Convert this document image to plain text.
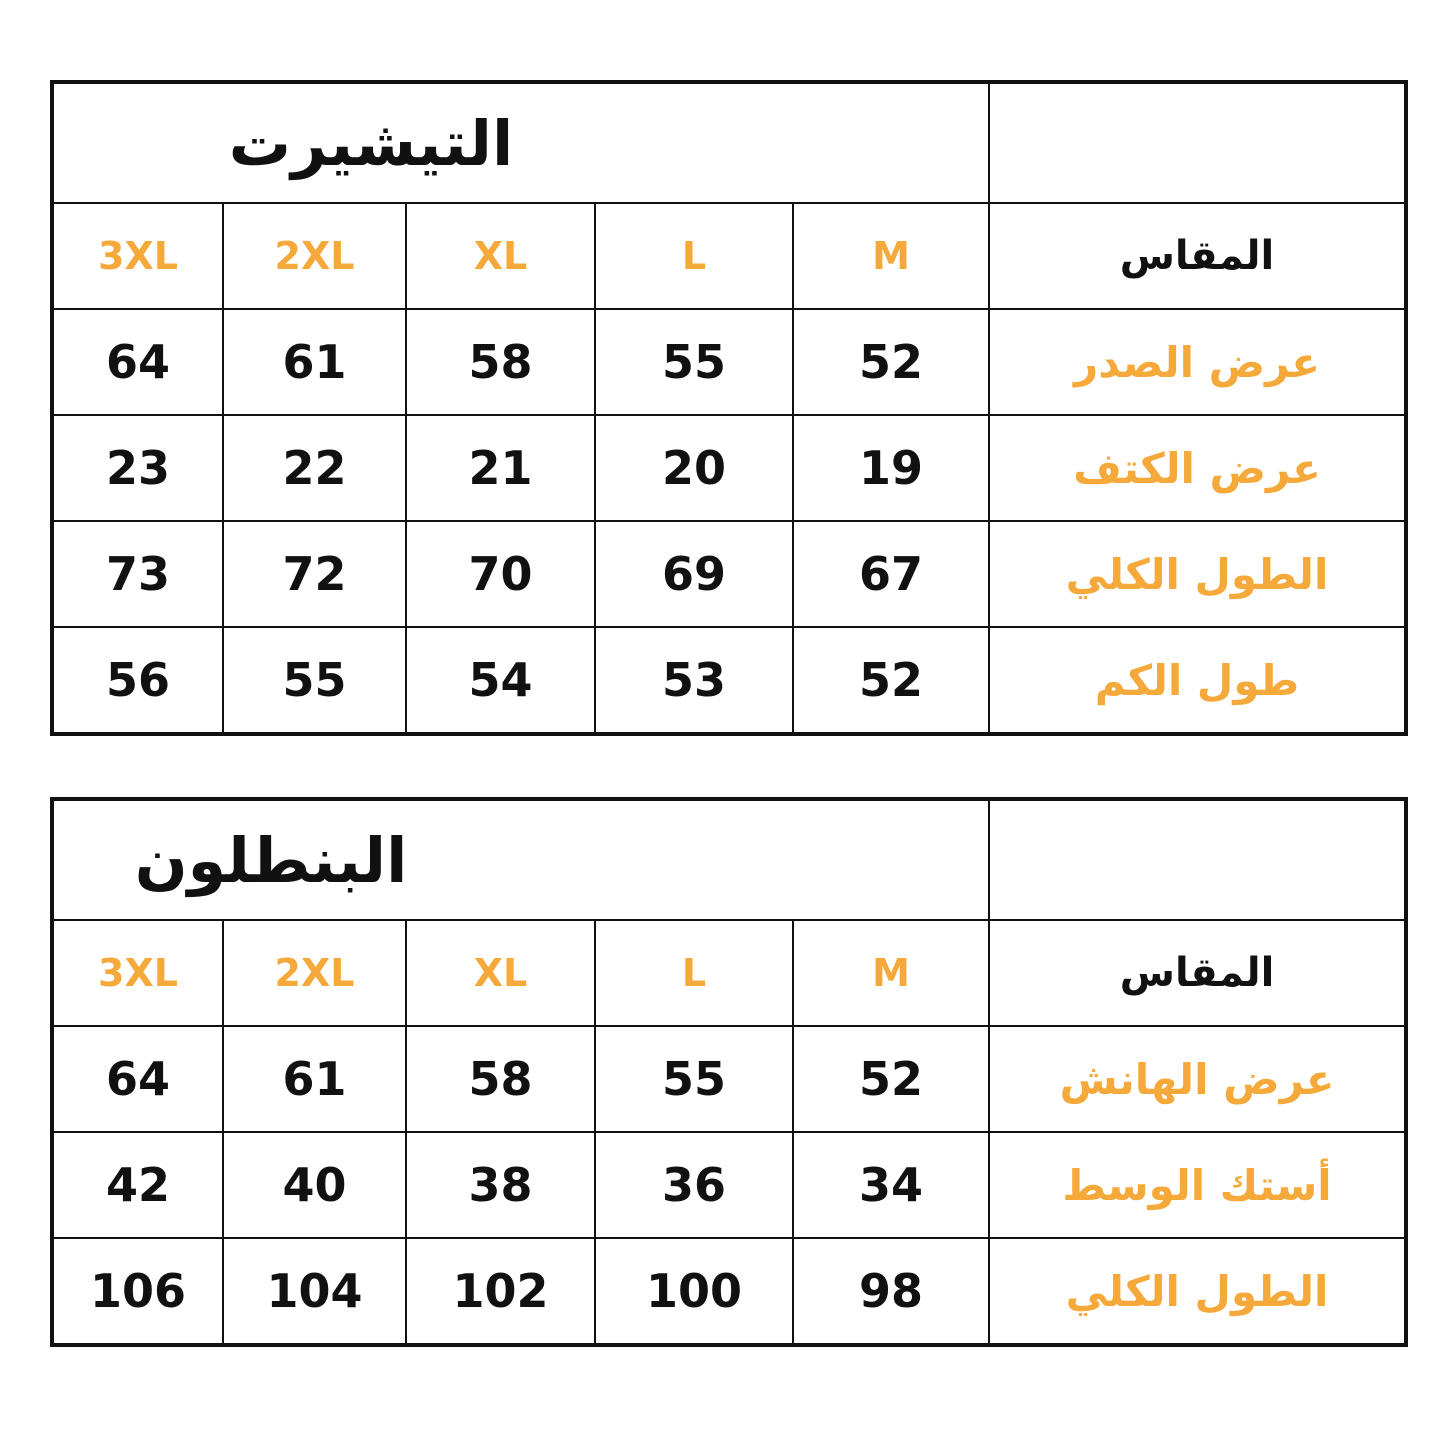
التيشيرت					
3XL	2XL	XL	L	M	المقاس
64	61	58	55	52	عرض الصدر
23	22	21	20	19	عرض الكتف
73	72	70	69	67	الطول الكلي
56	55	54	53	52	طول الكم
البنطلون					
3XL	2XL	XL	L	M	المقاس
64	61	58	55	52	عرض الهانش
42	40	38	36	34	أستك الوسط
106	104	102	100	98	الطول الكلي
